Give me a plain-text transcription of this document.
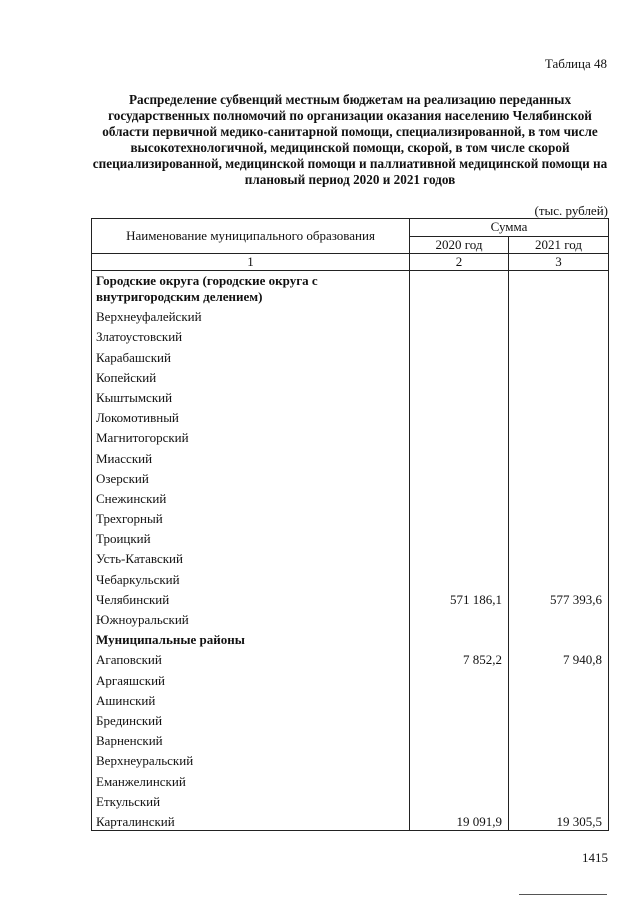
Таблица 48
Распределение субвенций местным бюджетам на реализацию переданных государственных полномочий по организации оказания населению Челябинской области первичной медико-санитарной помощи, специализированной, в том числе высокотехнологичной, медицинской помощи, скорой, в том числе скорой специализированной, медицинской помощи и паллиативной медицинской помощи на плановый период 2020 и 2021 годов
(тыс. рублей)
Наименование муниципального образования	Сумма	
	2020 год	2021 год
1	2	3
Городские округа (городские округа с внутригородским делением)		
Верхнеуфалейский		
Златоустовский		
Карабашский		
Копейский		
Кыштымский		
Локомотивный		
Магнитогорский		
Миасский		
Озерский		
Снежинский		
Трехгорный		
Троицкий		
Усть-Катавский		
Чебаркульский		
Челябинский	571 186,1	577 393,6
Южноуральский		
Муниципальные районы		
Агаповский	7 852,2	7 940,8
Аргаяшский		
Ашинский		
Брединский		
Варненский		
Верхнеуральский		
Еманжелинский		
Еткульский		
Карталинский	19 091,9	19 305,5
1415
